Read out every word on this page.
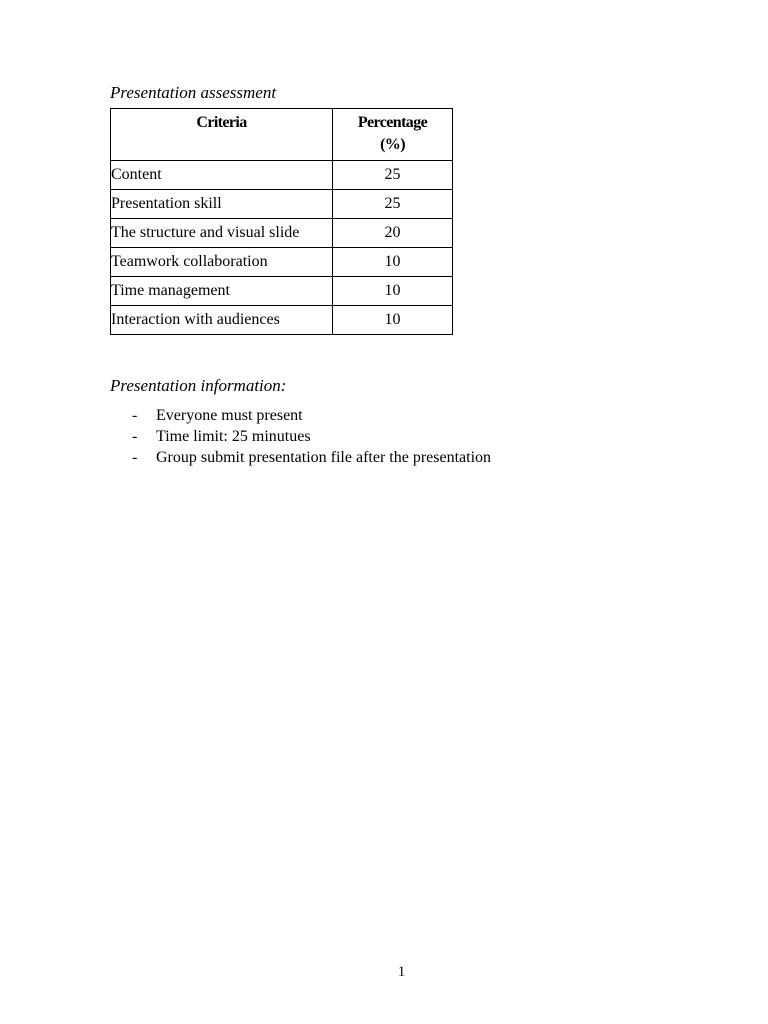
Presentation assessment
Criteria	Percentage
(%)

Content	25
Presentation skill	25
The structure and visual slide	20
Teamwork collaboration	10
Time management	10
Interaction with audiences	10
Presentation information:
- Everyone must present
- Time limit: 25 minutues
- Group submit presentation file after the presentation
1
